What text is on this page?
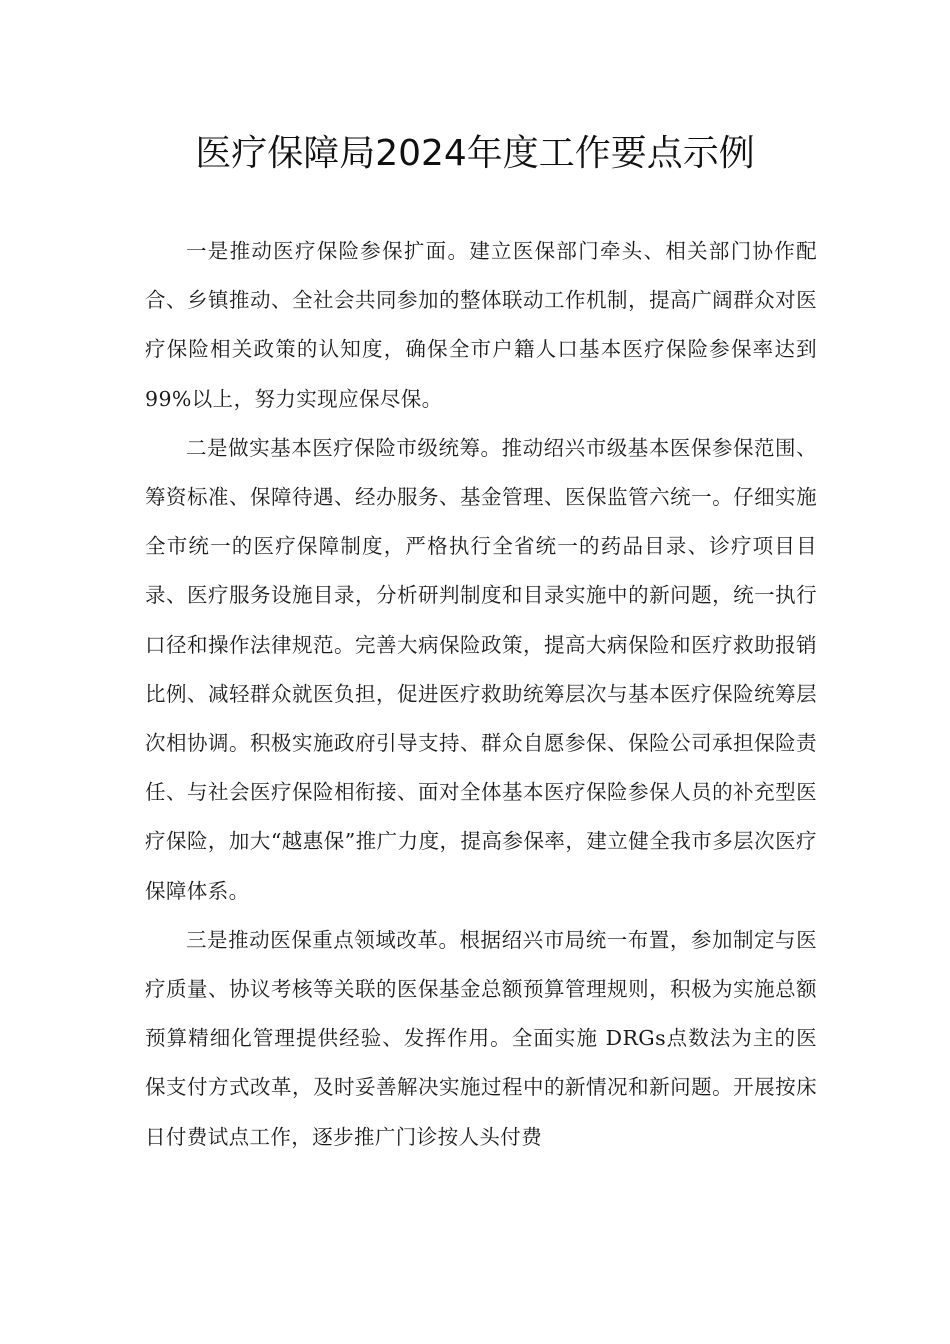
医疗保障局2024年度工作要点示例

一是推动医疗保险参保扩面。建立医保部门牵头、相关部门协作配合、乡镇推动、全社会共同参加的整体联动工作机制，提高广阔群众对医疗保险相关政策的认知度，确保全市户籍人口基本医疗保险参保率达到99%以上，努力实现应保尽保。

二是做实基本医疗保险市级统筹。推动绍兴市级基本医保参保范围、筹资标准、保障待遇、经办服务、基金管理、医保监管六统一。仔细实施全市统一的医疗保障制度，严格执行全省统一的药品目录、诊疗项目目录、医疗服务设施目录，分析研判制度和目录实施中的新问题，统一执行口径和操作法律规范。完善大病保险政策，提高大病保险和医疗救助报销比例、减轻群众就医负担，促进医疗救助统筹层次与基本医疗保险统筹层次相协调。积极实施政府引导支持、群众自愿参保、保险公司承担保险责任、与社会医疗保险相衔接、面对全体基本医疗保险参保人员的补充型医疗保险，加大“越惠保”推广力度，提高参保率，建立健全我市多层次医疗保障体系。

三是推动医保重点领域改革。根据绍兴市局统一布置，参加制定与医疗质量、协议考核等关联的医保基金总额预算管理规则，积极为实施总额预算精细化管理提供经验、发挥作用。全面实施 DRGs点数法为主的医保支付方式改革，及时妥善解决实施过程中的新情况和新问题。开展按床日付费试点工作，逐步推广门诊按人头付费
